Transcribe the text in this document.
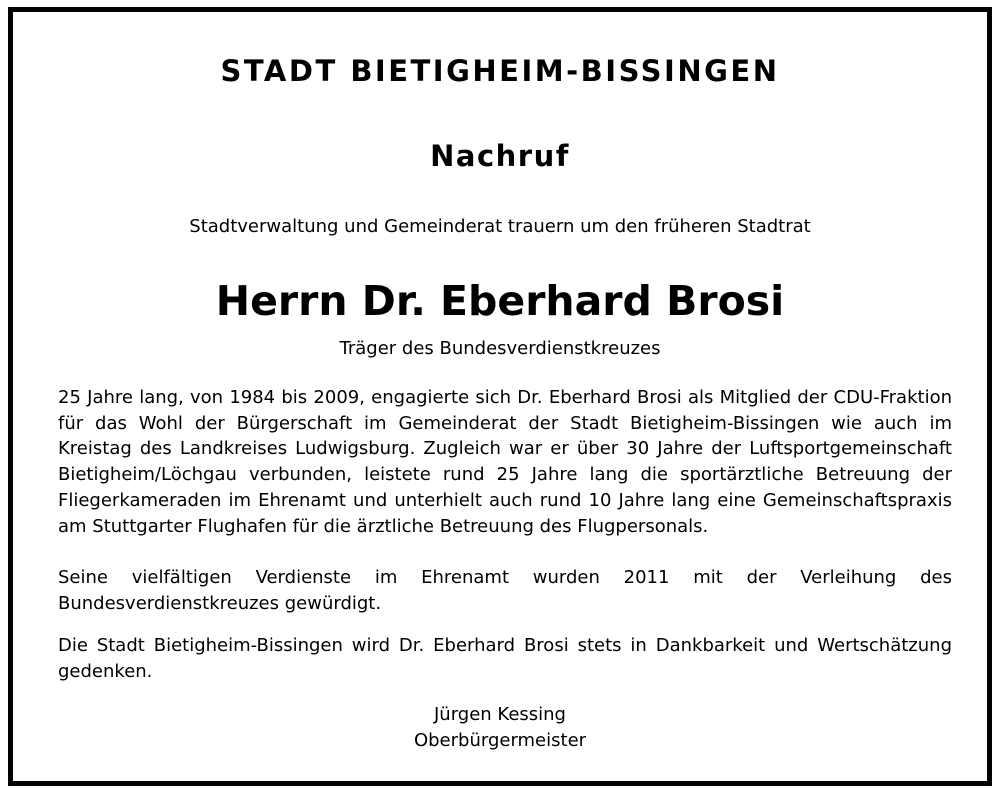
STADT BIETIGHEIM-BISSINGEN
Nachruf
Stadtverwaltung und Gemeinderat trauern um den früheren Stadtrat
Herrn Dr. Eberhard Brosi
Träger des Bundesverdienstkreuzes

25 Jahre lang, von 1984 bis 2009, engagierte sich Dr. Eberhard Brosi als Mitglied der CDU-Fraktion für das Wohl der Bürgerschaft im Gemeinderat der Stadt Bietigheim-Bissingen wie auch im Kreistag des Landkreises Ludwigsburg. Zugleich war er über 30 Jahre der Luftsportgemeinschaft Bietigheim/Löchgau verbunden, leistete rund 25 Jahre lang die sportärztliche Betreuung der Fliegerkameraden im Ehrenamt und unterhielt auch rund 10 Jahre lang eine Gemeinschaftspraxis am Stuttgarter Flughafen für die ärztliche Betreuung des Flugpersonals.

Seine vielfältigen Verdienste im Ehrenamt wurden 2011 mit der Verleihung des Bundesverdienstkreuzes gewürdigt.

Die Stadt Bietigheim-Bissingen wird Dr. Eberhard Brosi stets in Dankbarkeit und Wertschätzung gedenken.

Jürgen Kessing
Oberbürgermeister
